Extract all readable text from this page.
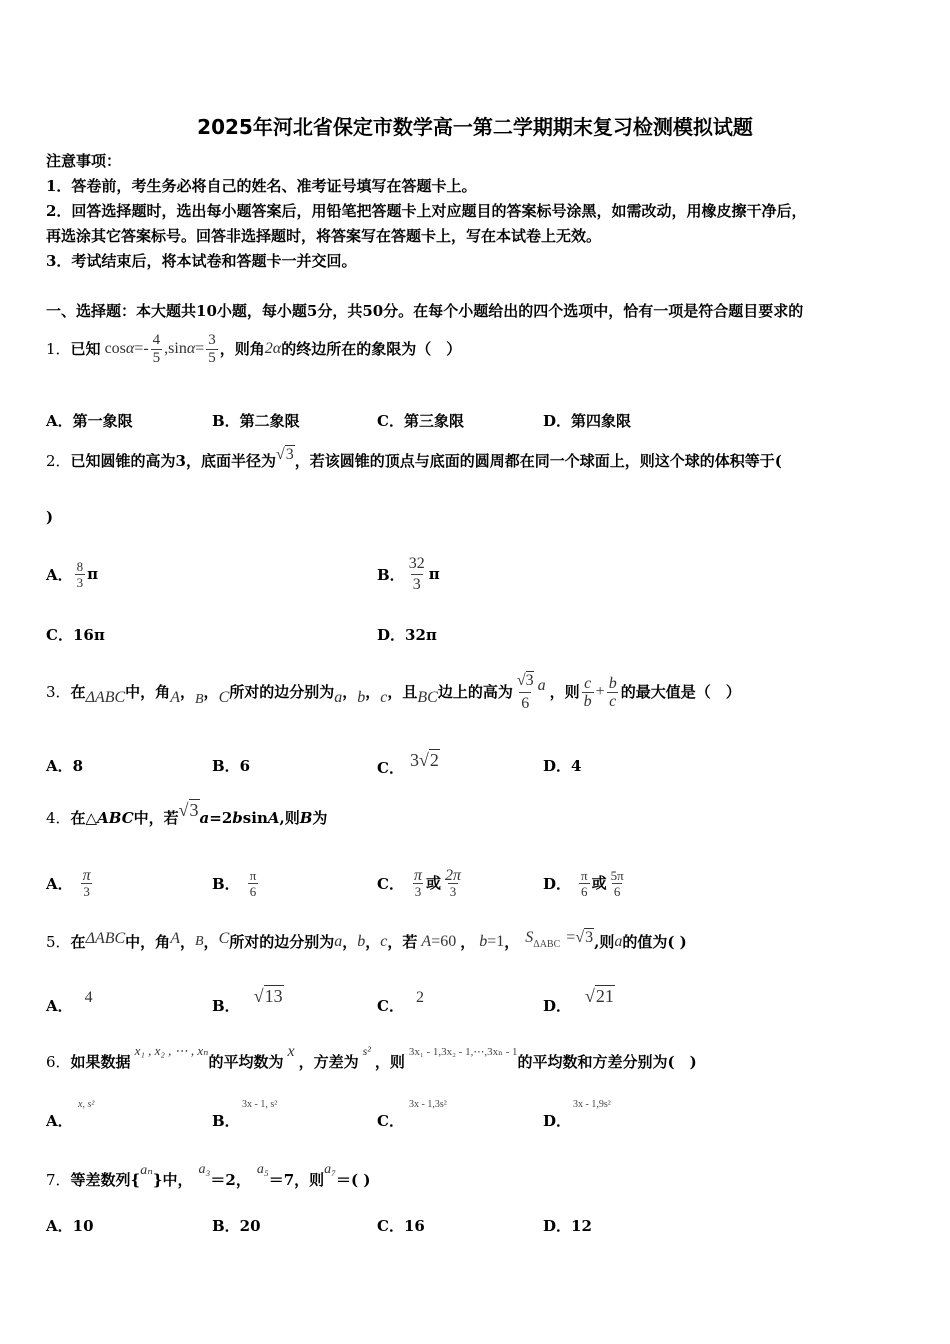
2025年河北省保定市数学高一第二学期期末复习检测模拟试题
注意事项：
1．答卷前，考生务必将自己的姓名、准考证号填写在答题卡上。
2．回答选择题时，选出每小题答案后，用铅笔把答题卡上对应题目的答案标号涂黑，如需改动，用橡皮擦干净后，
再选涂其它答案标号。回答非选择题时，将答案写在答题卡上，写在本试卷上无效。
3．考试结束后，将本试卷和答题卡一并交回。
一、选择题：本大题共10小题，每小题5分，共50分。在每个小题给出的四个选项中，恰有一项是符合题目要求的
1． 已知 $\cos \alpha =- \frac{4}{5} ,\sin$ $\alpha = \frac{3}{5}$ ，则角 2α 的终边所在的象限为（　）
A．第一象限	B．第二象限	C．第三象限	D．第四象限
2． 已知圆锥的高为3，底面半径为 √3 ，若该圆锥的顶点与底面的圆周都在同一个球面上，则这个球的体积等于(
)
A． $\frac{8}{3}$ π	B． $\frac{32}{3}$ π
C．16π	D．32π
3． 在 ΔABC 中，角 A ， B ， C 所对的边分别为 a ， b ， c ，且 BC 边上的高为 $\frac{√3}{6}$ a ，则 $\frac{c}{b} + \frac{b}{c}$ 的最大值是（　）
A．8	B．6	C． 3√2	D．4
4． 在△ ABC 中，若 √3 a =2 b sin A ,则 B 为
A． $\frac{\pi}{3}$	B． $\frac{\pi}{6}$	C． $\frac{\pi}{3}$ 或 $\frac{2\pi}{3}$	D． $\frac{\pi}{6}$ 或 $\frac{5\pi}{6}$
5． 在 ΔABC 中，角 A ， B ， C 所对的边分别为 a ， b ， c ，若 A =60 ， b =1 ， S ΔABC = √3 ,则 a 的值为( )
A． 4	B． √13	C． 2	D． √21
6． 如果数据
x₁ , x₂ , ⋯ , xₙ
的平均数为
x
，方差为
s²
，则
3x₁ - 1,3x₂ - 1,⋯,3xₙ - 1
的平均数和方差分别为(　)
A．
x, s²
B．
3x - 1, s²
C．
3x - 1,3s²
D．
3x - 1,9s²
7． 等差数列{
aₙ
}中，
a₃
＝2，
a₅
＝7，则
a₇
＝( )
A．10	B．20	C．16	D．12
